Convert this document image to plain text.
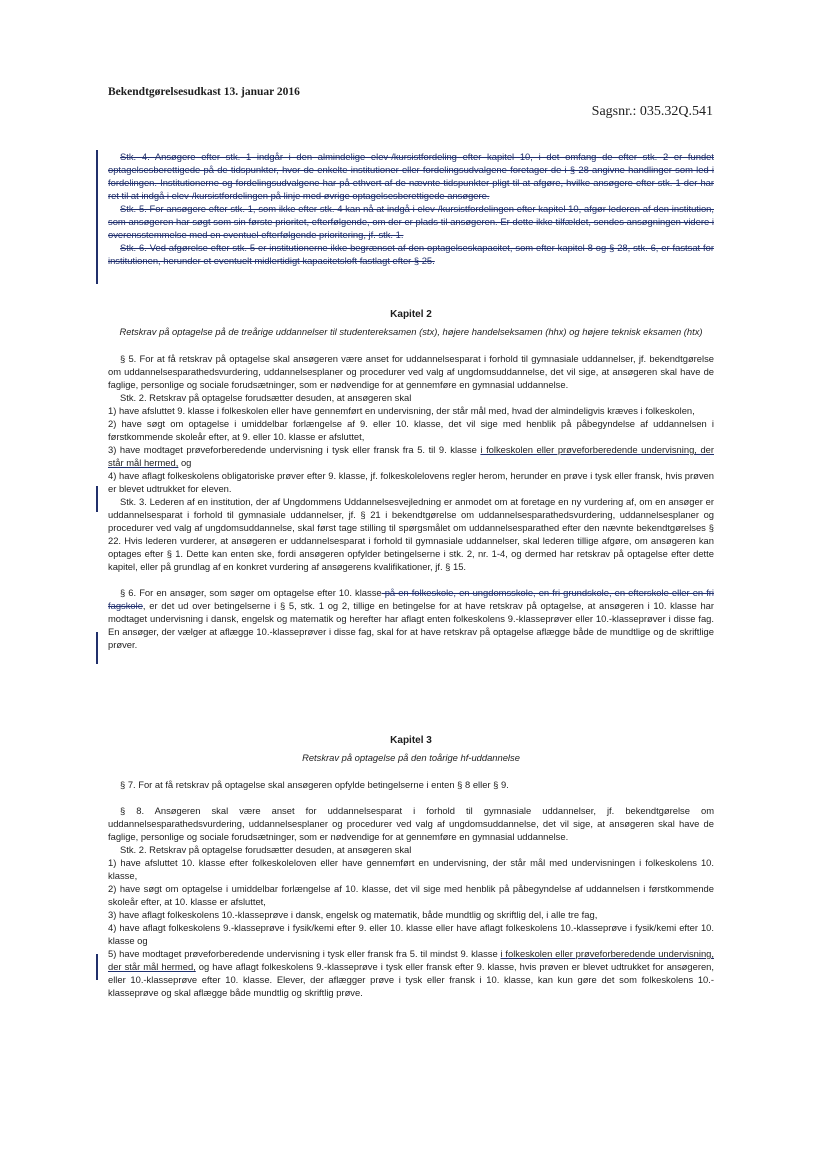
Bekendtgørelsesudkast 13. januar 2016
Sagsnr.: 035.32Q.541

Stk. 4. Ansøgere efter stk. 1 indgår i den almindelige elev-/kursistfordeling efter kapitel 10, i det omfang de efter stk. 2 er fundet optagelsesberettigede på de tidspunkter, hvor de enkelte institutioner eller fordelingsudvalgene foretager de i § 28 angivne handlinger som led i fordelingen. Institutionerne og fordelingsudvalgene har på ethvert af de nævnte tidspunkter pligt til at afgøre, hvilke ansøgere efter stk. 1 der har ret til at indgå i elev-/kursistfordelingen på linje med øvrige optagelsesberettigede ansøgere.

Stk. 5. For ansøgere efter stk. 1, som ikke efter stk. 4 kan nå at indgå i elev-/kursistfordelingen efter kapitel 10, afgør lederen af den institution, som ansøgeren har søgt som sin første prioritet, efterfølgende, om der er plads til ansøgeren. Er dette ikke tilfældet, sendes ansøgningen videre i overensstemmelse med en eventuel efterfølgende prioritering, jf. stk. 1.

Stk. 6. Ved afgørelse efter stk. 5 er institutionerne ikke begrænset af den optagelseskapacitet, som efter kapitel 8 og § 28, stk. 6, er fastsat for institutionen, herunder et eventuelt midlertidigt kapacitetsloft fastlagt efter § 25.

Kapitel 2

Retskrav på optagelse på de treårige uddannelser til studentereksamen (stx), højere handelseksamen (hhx) og højere teknisk eksamen (htx)

§ 5. For at få retskrav på optagelse skal ansøgeren være anset for uddannelsesparat i forhold til gymnasiale uddannelser, jf. bekendtgørelse om uddannelsesparathedsvurdering, uddannelsesplaner og procedurer ved valg af ungdomsuddannelse, det vil sige, at ansøgeren skal have de faglige, personlige og sociale forudsætninger, som er nødvendige for at gennemføre en gymnasial uddannelse.

Stk. 2. Retskrav på optagelse forudsætter desuden, at ansøgeren skal

1) have afsluttet 9. klasse i folkeskolen eller have gennemført en undervisning, der står mål med, hvad der almindeligvis kræves i folkeskolen,
2) have søgt om optagelse i umiddelbar forlængelse af 9. eller 10. klasse, det vil sige med henblik på påbegyndelse af uddannelsen i førstkommende skoleår efter, at 9. eller 10. klasse er afsluttet,
3) have modtaget prøveforberedende undervisning i tysk eller fransk fra 5. til 9. klasse i folkeskolen eller prøveforberedende undervisning, der står mål hermed, og
4) have aflagt folkeskolens obligatoriske prøver efter 9. klasse, jf. folkeskolelovens regler herom, herunder en prøve i tysk eller fransk, hvis prøven er blevet udtrukket for eleven.

Stk. 3. Lederen af en institution, der af Ungdommens Uddannelsesvejledning er anmodet om at foretage en ny vurdering af, om en ansøger er uddannelsesparat i forhold til gymnasiale uddannelser, jf. § 21 i bekendtgørelse om uddannelsesparathedsvurdering, uddannelsesplaner og procedurer ved valg af ungdomsuddannelse, skal først tage stilling til spørgsmålet om uddannelsesparathed efter den nævnte bekendtgørelses § 22. Hvis lederen vurderer, at ansøgeren er uddannelsesparat i forhold til gymnasiale uddannelser, skal lederen tillige afgøre, om ansøgeren kan optages efter § 1. Dette kan enten ske, fordi ansøgeren opfylder betingelserne i stk. 2, nr. 1-4, og dermed har retskrav på optagelse efter dette kapitel, eller på grundlag af en konkret vurdering af ansøgerens kvalifikationer, jf. § 15.

§ 6. For en ansøger, som søger om optagelse efter 10. klasse på en folkeskole, en ungdomsskole, en fri grundskole, en efterskole eller en fri fagskole, er det ud over betingelserne i § 5, stk. 1 og 2, tillige en betingelse for at have retskrav på optagelse, at ansøgeren i 10. klasse har modtaget undervisning i dansk, engelsk og matematik og herefter har aflagt enten folkeskolens 9.-klasseprøver eller 10.-klasseprøver i disse fag. En ansøger, der vælger at aflægge 10.-klasseprøver i disse fag, skal for at have retskrav på optagelse aflægge både de mundtlige og de skriftlige prøver.

Kapitel 3

Retskrav på optagelse på den toårige hf-uddannelse

§ 7. For at få retskrav på optagelse skal ansøgeren opfylde betingelserne i enten § 8 eller § 9.

§ 8. Ansøgeren skal være anset for uddannelsesparat i forhold til gymnasiale uddannelser, jf. bekendtgørelse om uddannelsesparathedsvurdering, uddannelsesplaner og procedurer ved valg af ungdomsuddannelse, det vil sige, at ansøgeren skal have de faglige, personlige og sociale forudsætninger, som er nødvendige for at gennemføre en gymnasial uddannelse.

Stk. 2. Retskrav på optagelse forudsætter desuden, at ansøgeren skal

1) have afsluttet 10. klasse efter folkeskoleloven eller have gennemført en undervisning, der står mål med undervisningen i folkeskolens 10. klasse,
2) have søgt om optagelse i umiddelbar forlængelse af 10. klasse, det vil sige med henblik på påbegyndelse af uddannelsen i førstkommende skoleår efter, at 10. klasse er afsluttet,
3) have aflagt folkeskolens 10.-klasseprøve i dansk, engelsk og matematik, både mundtlig og skriftlig del, i alle tre fag,
4) have aflagt folkeskolens 9.-klasseprøve i fysik/kemi efter 9. eller 10. klasse eller have aflagt folkeskolens 10.-klasseprøve i fysik/kemi efter 10. klasse og
5) have modtaget prøveforberedende undervisning i tysk eller fransk fra 5. til mindst 9. klasse i folkeskolen eller prøveforberedende undervisning, der står mål hermed, og have aflagt folkeskolens 9.-klasseprøve i tysk eller fransk efter 9. klasse, hvis prøven er blevet udtrukket for ansøgeren, eller 10.-klasseprøve efter 10. klasse. Elever, der aflægger prøve i tysk eller fransk i 10. klasse, kan kun gøre det som folkeskolens 10.-klasseprøve og skal aflægge både mundtlig og skriftlig prøve.
